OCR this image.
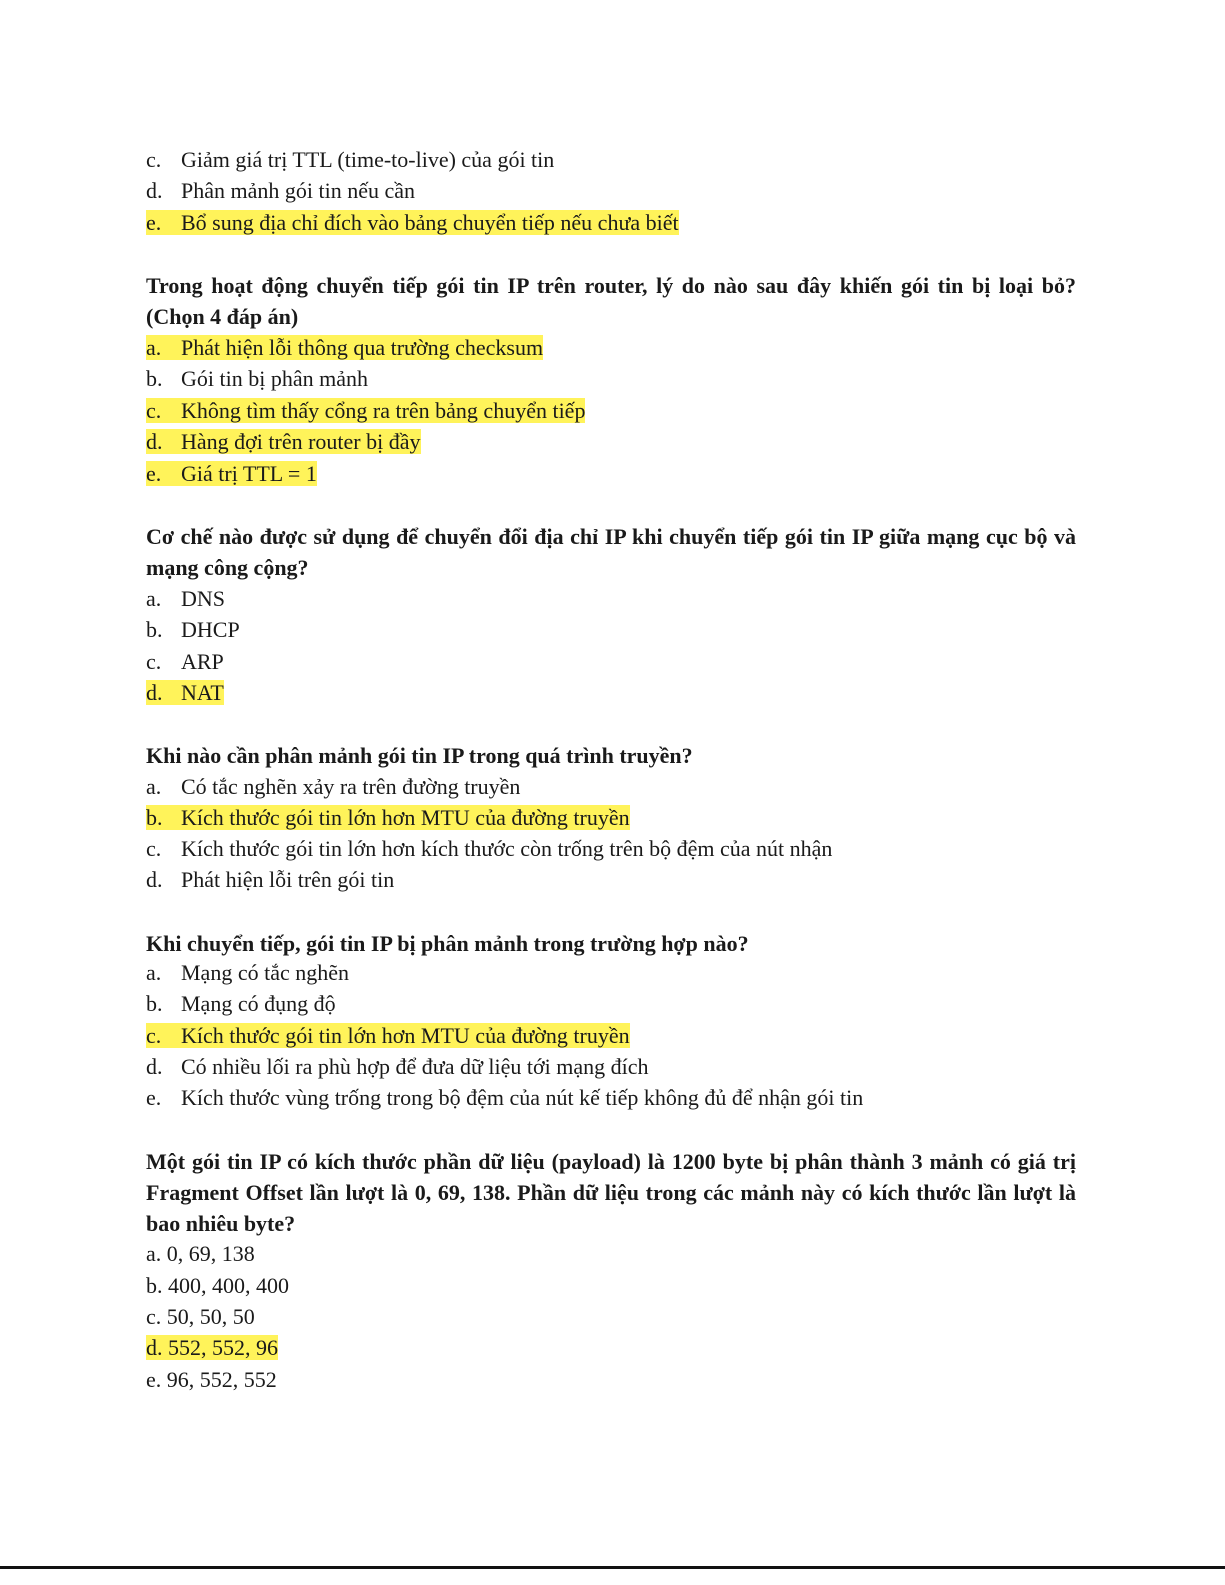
c. Giảm giá trị TTL (time-to-live) của gói tin
d. Phân mảnh gói tin nếu cần
e. Bổ sung địa chỉ đích vào bảng chuyển tiếp nếu chưa biết
Trong hoạt động chuyển tiếp gói tin IP trên router, lý do nào sau đây khiến gói tin bị loại bỏ? (Chọn 4 đáp án)
a. Phát hiện lỗi thông qua trường checksum
b. Gói tin bị phân mảnh
c. Không tìm thấy cổng ra trên bảng chuyển tiếp
d. Hàng đợi trên router bị đầy
e. Giá trị TTL = 1
Cơ chế nào được sử dụng để chuyển đổi địa chỉ IP khi chuyển tiếp gói tin IP giữa mạng cục bộ và mạng công cộng?
a. DNS
b. DHCP
c. ARP
d. NAT
Khi nào cần phân mảnh gói tin IP trong quá trình truyền?
a. Có tắc nghẽn xảy ra trên đường truyền
b. Kích thước gói tin lớn hơn MTU của đường truyền
c. Kích thước gói tin lớn hơn kích thước còn trống trên bộ đệm của nút nhận
d. Phát hiện lỗi trên gói tin
Khi chuyển tiếp, gói tin IP bị phân mảnh trong trường hợp nào?
a. Mạng có tắc nghẽn
b. Mạng có đụng độ
c. Kích thước gói tin lớn hơn MTU của đường truyền
d. Có nhiều lối ra phù hợp để đưa dữ liệu tới mạng đích
e. Kích thước vùng trống trong bộ đệm của nút kế tiếp không đủ để nhận gói tin
Một gói tin IP có kích thước phần dữ liệu (payload) là 1200 byte bị phân thành 3 mảnh có giá trị Fragment Offset lần lượt là 0, 69, 138. Phần dữ liệu trong các mảnh này có kích thước lần lượt là bao nhiêu byte?
a. 0, 69, 138
b. 400, 400, 400
c. 50, 50, 50
d. 552, 552, 96
e. 96, 552, 552
